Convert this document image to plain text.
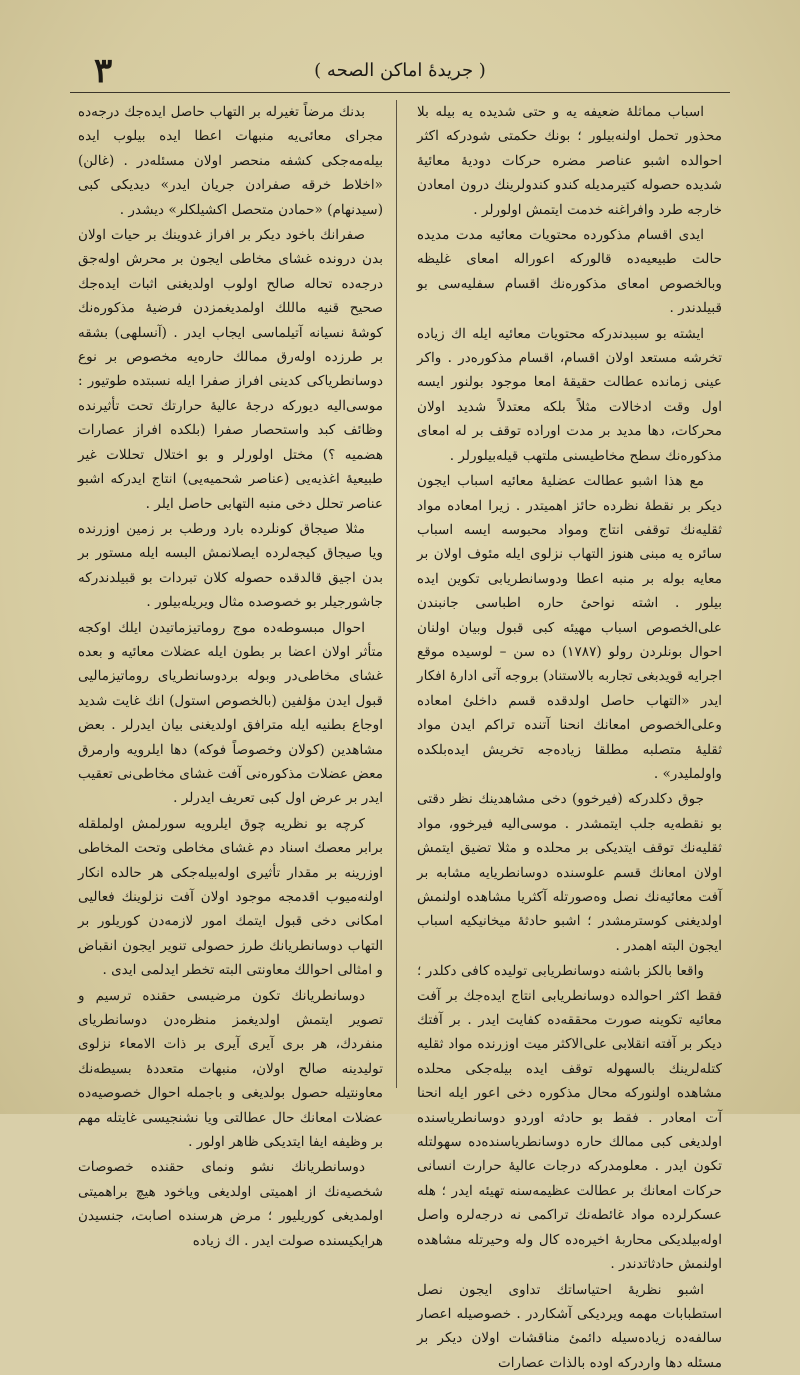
٣	( جريدهٔ اماكن الصحه )

اسباب مماثلهٔ ضعيفه يه و حتی شديده يه بيله بلا محذور تحمل اولنه‌بيلور ؛ بونك حكمتی شودركه اكثر احوالده اشبو عناصر مضره حركات دوديهٔ معائيهٔ شديده حصوله كتيرمدیله كندو كندولرينك درون امعادن خارجه طرد وافراغنه خدمت ايتمش اولورلر .

ايدی اقسام مذكورده محتويات معائيه مدت مديده حالت طبيعيه‌ده قالوركه اعوراله امعای غليظه وبالخصوص امعای مذكوره‌نك اقسام سفليه‌سی بو قبيلدندر .

ايشته بو سببدندركه محتويات معائيه ايله اك زياده تخرشه مستعد اولان اقسام، اقسام مذكوره‌در . واكر عينی زمانده عطالت حقيقهٔ امعا موجود بولنور ايسه اول وقت ادخالات مثلاً بلكه معتدلاً شديد اولان محركات، دها مديد بر مدت اوراده توقف بر له امعای مذكوره‌نك سطح مخاطيسنی ملتهب قيله‌بيلورلر .

مع هذا اشبو عطالت عضليهٔ معائيه اسباب ايجون ديكر بر نقطهٔ نظرده حائز اهميتدر . زيرا امعاده مواد ثقليه‌نك توقفی انتاج ومواد محبوسه ايسه اسباب سائره يه مبنی هنوز التهاب نزلوی ايله مئوف اولان بر معايه بوله بر منبه اعطا ودوسانطريابی تكوين ايده بيلور . اشته نواحیٔ حاره اطباسی جانبندن علی‌الخصوص اسباب مهيئه كبی قبول وبيان اولنان احوال بونلردن رولو (١٧٨٧) ده سن – لوسيده موقع اجرايه قويدبغی تجاربه بالاستناد) بروجه آتی ادارهٔ افكار ايدر «التهاب حاصل اولدقده قسم داخلیٔ امعاده وعلی‌الخصوص امعانك انحنا آتنده تراكم ايدن مواد ثقليهٔ متصلبه مطلقا زياده‌جه تخريش ايده‌بلكده واولمليدر» .

جوق دكلدركه (فيرخوو) دخی مشاهدينك نظر دقتی بو نقطه‌يه جلب ايتمشدر . موسی‌اليه فيرخوو، مواد ثقليه‌نك توقف ايتديكی بر محلده و مثلا تضيق ايتمش اولان امعانك قسم علوسنده دوسانطريايه مشابه بر آفت معائيه‌نك نصل وه‌صورتله آكثريا مشاهده اولنمش اولديغنی كوسترمشدر ؛ اشبو حادثهٔ ميخانيكيه اسباب ايجون البته اهمدر .

واقعا بالكز باشنه دوسانطريابی توليده كافی دكلدر ؛ فقط اكثر احوالده دوسانطريابی انتاج ايده‌جك بر آفت معائيه تكوينه صورت محققه‌ده كفايت ايدر . بر آفتك ديكر بر آفته انقلابی علی‌الاكثر ميت اوزرنده مواد ثقليه كتله‌لرينك بالسهوله توقف ايده بيله‌جكی محلده مشاهده اولنوركه محال مذكوره دخی اعور ايله انحنا آت امعادر . فقط بو حادثه اوردو دوسانطرياسنده اولديغی كبی ممالك حاره دوسانطرياسنده‌ده سهولتله تكون ايدر . معلومدركه درجات عاليهٔ حرارت انسانی حركات امعانك بر عطالت عظيمه‌سنه تهيئه ايدر ؛ هله عسكرلرده مواد غائطه‌نك تراكمی نه درجه‌لره واصل اوله‌بيلديكی محاربهٔ اخيره‌ده كال وله وحيرتله مشاهده اولنمش حادثاتدندر .

اشبو نظريهٔ احتياساتك تداوی ايجون نصل استطبابات مهمه ويرديكی آشكاردر . خصوصيله اعصار سالفه‌ده زياده‌سيله دائمیٔ مناقشات اولان ديكر بر مسئله دها واردركه اوده بالذات عصارات

بدنك مرضاً تغيرله بر التهاب حاصل ايده‌جك درجه‌ده مجرای معائی‌يه منبهات اعطا ايده بيلوب ايده بيله‌مه‌جكی كشفه منحصر اولان مسئله‌در . (غالن) «اخلاط خرقه صفرادن جريان ايدر» ديديكی كبی (سيدنهام) «حمادن متحصل اكشيلكلر» ديشدر .

صفرانك باخود ديكر بر افراز غدوينك بر حيات اولان بدن درونده غشای مخاطی ايجون بر محرش اوله‌جق درجه‌ده تحاله صالح اولوب اولديغنی اثبات ايده‌جك صحيح قنيه ماللك اولمديغمزدن فرضيهٔ مذكوره‌نك كوشهٔ نسيانه آتيلماسی ايجاب ايدر . (آنسلهی) بشقه بر طرزده اوله‌رق ممالك حاره‌يه مخصوص بر نوع دوسانطرياكی كدينی افراز صفرا ايله نسبتده طوتيور : موسی‌اليه ديوركه درجهٔ عاليهٔ حرارتك تحت تأثيرنده وظائف كبد واستحصار صفرا (بلكده افراز عصارات هضميه ؟) مختل اولورلر و بو اختلال تحللات غير طبيعيهٔ اغذيه‌يی (عناصر شحميه‌يی) انتاج ايدركه اشبو عناصر تحلل دخی منبه التهابی حاصل ايلر .

مثلا صيجاق كونلرده بارد ورطب بر زمين اوزرنده ويا صيجاق كيجه‌لرده ايصلانمش البسه ايله مستور بر بدن اجيق قالدقده حصوله كلان تبردات بو قبيلدندركه جاشورجيلر بو خصوصده مثال ويريله‌بيلور .

احوال مبسوطه‌ده موج روماتيزماتيدن ايلك اوكجه متأثر اولان اعضا بر بطون ايله عضلات معائيه و بعده غشای مخاطی‌در وبوله بردوسانطريای روماتيزماليی قبول ايدن مؤلفين (بالخصوص استول) انك غايت شديد اوجاع بطنيه ايله مترافق اولديغنی بيان ايدرلر . بعض مشاهدين (كولان وخصوصاً فوكه) دها ايلرويه وارمرق معض عضلات مذكوره‌نی آفت غشای مخاطی‌نی تعقيب ايدر بر عرض اول كبی تعريف ايدرلر .

كرچه بو نظريه چوق ايلرويه سورلمش اولملقله برابر معصك اسناد دم غشای مخاطی وتحت المخاطی اوزرينه بر مقدار تأثيری اوله‌بيله‌جكی هر حالده انكار اولنه‌ميوب اقدمجه موجود اولان آفت نزلوينك فعاليی امكانی دخی قبول ايتمك امور لازمه‌دن كوريلور بر التهاب دوسانطريانك طرز حصولی تنوير ايجون انقباض و امثالی احوالك معاونتی البته تخطر ايدلمی ايدی .

دوسانطريانك تكون مرضيسی حقنده ترسيم و تصوير ايتمش اولديغمز منظره‌دن دوسانطريای منفردك، هر بری آيری آيری بر ذات الامعاء نزلوی توليدينه صالح اولان، منبهات متعددهٔ بسيطه‌نك معاونتيله حصول بولديغی و باجمله احوال خصوصيه‌ده عضلات امعانك حال عطالتی ويا نشنجيسی غايتله مهم بر وظيفه ايفا ايتديكی ظاهر اولور .

دوسانطريانك نشو ونمای حقنده خصوصات شخصيه‌نك از اهميتی اولديغی وياخود هيچ براهميتی اولمديغی كوريليور ؛ مرض هرسنده اصابت، جنسيدن هرايكيسنده صولت ايدر . اك زياده
